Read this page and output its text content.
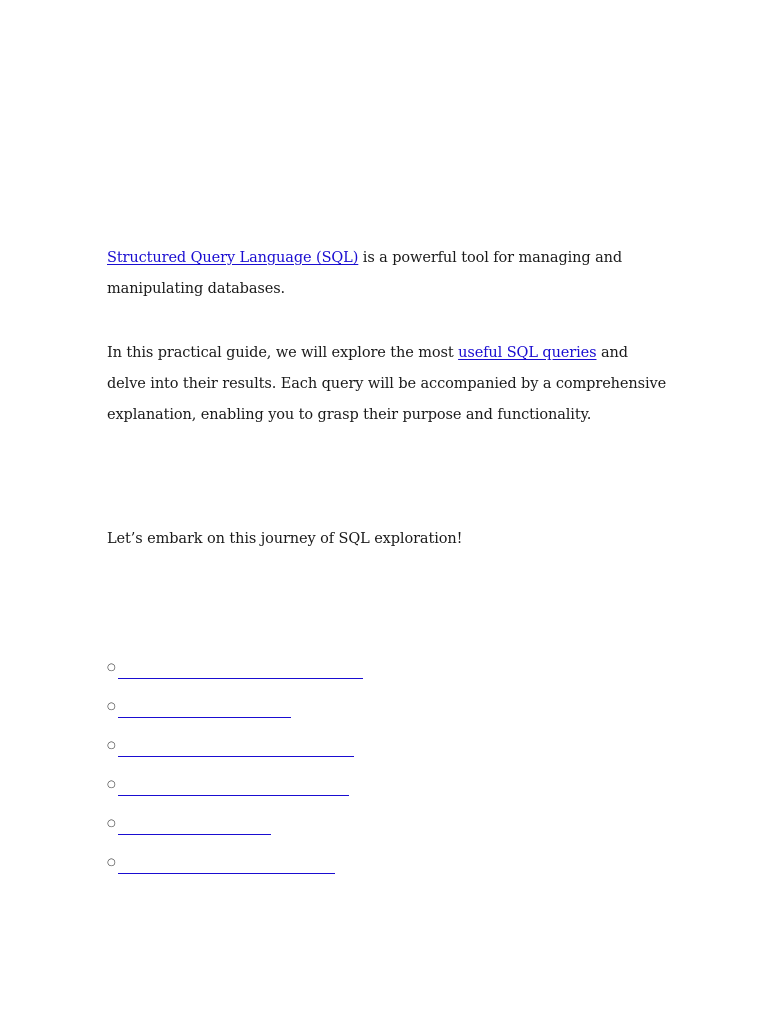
Structured Query Language (SQL) is a powerful tool for managing and manipulating databases.

In this practical guide, we will explore the most useful SQL queries and delve into their results. Each query will be accompanied by a comprehensive explanation, enabling you to grasp their purpose and functionality.

Let’s embark on this journey of SQL exploration!

○
○
○
○
○
○
